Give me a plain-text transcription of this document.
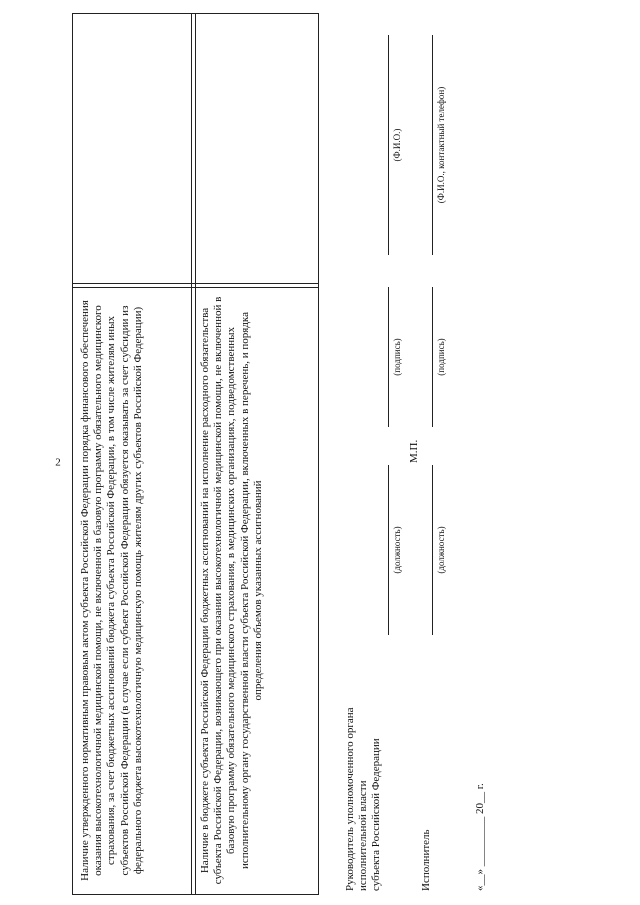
2 Наличие утвержденного нормативным правовым актом субъекта Российской Федерации порядка финансового обеспечения оказания высокотехнологичной медицинской помощи, не включенной в базовую программу обязательного медицинского страхования, за счет бюджетных ассигнований бюджета субъекта Российской Федерации, в том числе жителям иных субъектов Российской Федерации (в случае если субъект Российской Федерации обязуется оказывать за счет субсидии из федерального бюджета высокотехнологичную медицинскую помощь жителям других субъектов Российской Федерации)	Наличие в бюджете субъекта Российской Федерации бюджетных ассигнований на исполнение расходного обязательства субъекта Российской Федерации, возникающего при оказании высокотехнологичной медицинской помощи, не включенной в базовую программу обязательного медицинского страхования, в медицинских организациях, подведомственных исполнительному органу государственной власти субъекта Российской Федерации, включенных в перечень, и порядка определения объемов указанных ассигнований
Руководитель уполномоченного органа исполнительной власти субъекта Российской Федерации
(должность)
(подпись)
(Ф.И.О.)
М.П.
Исполнитель
(должность)
(подпись)
(Ф.И.О., контактный телефон)
«__» _________ 20__ г.
